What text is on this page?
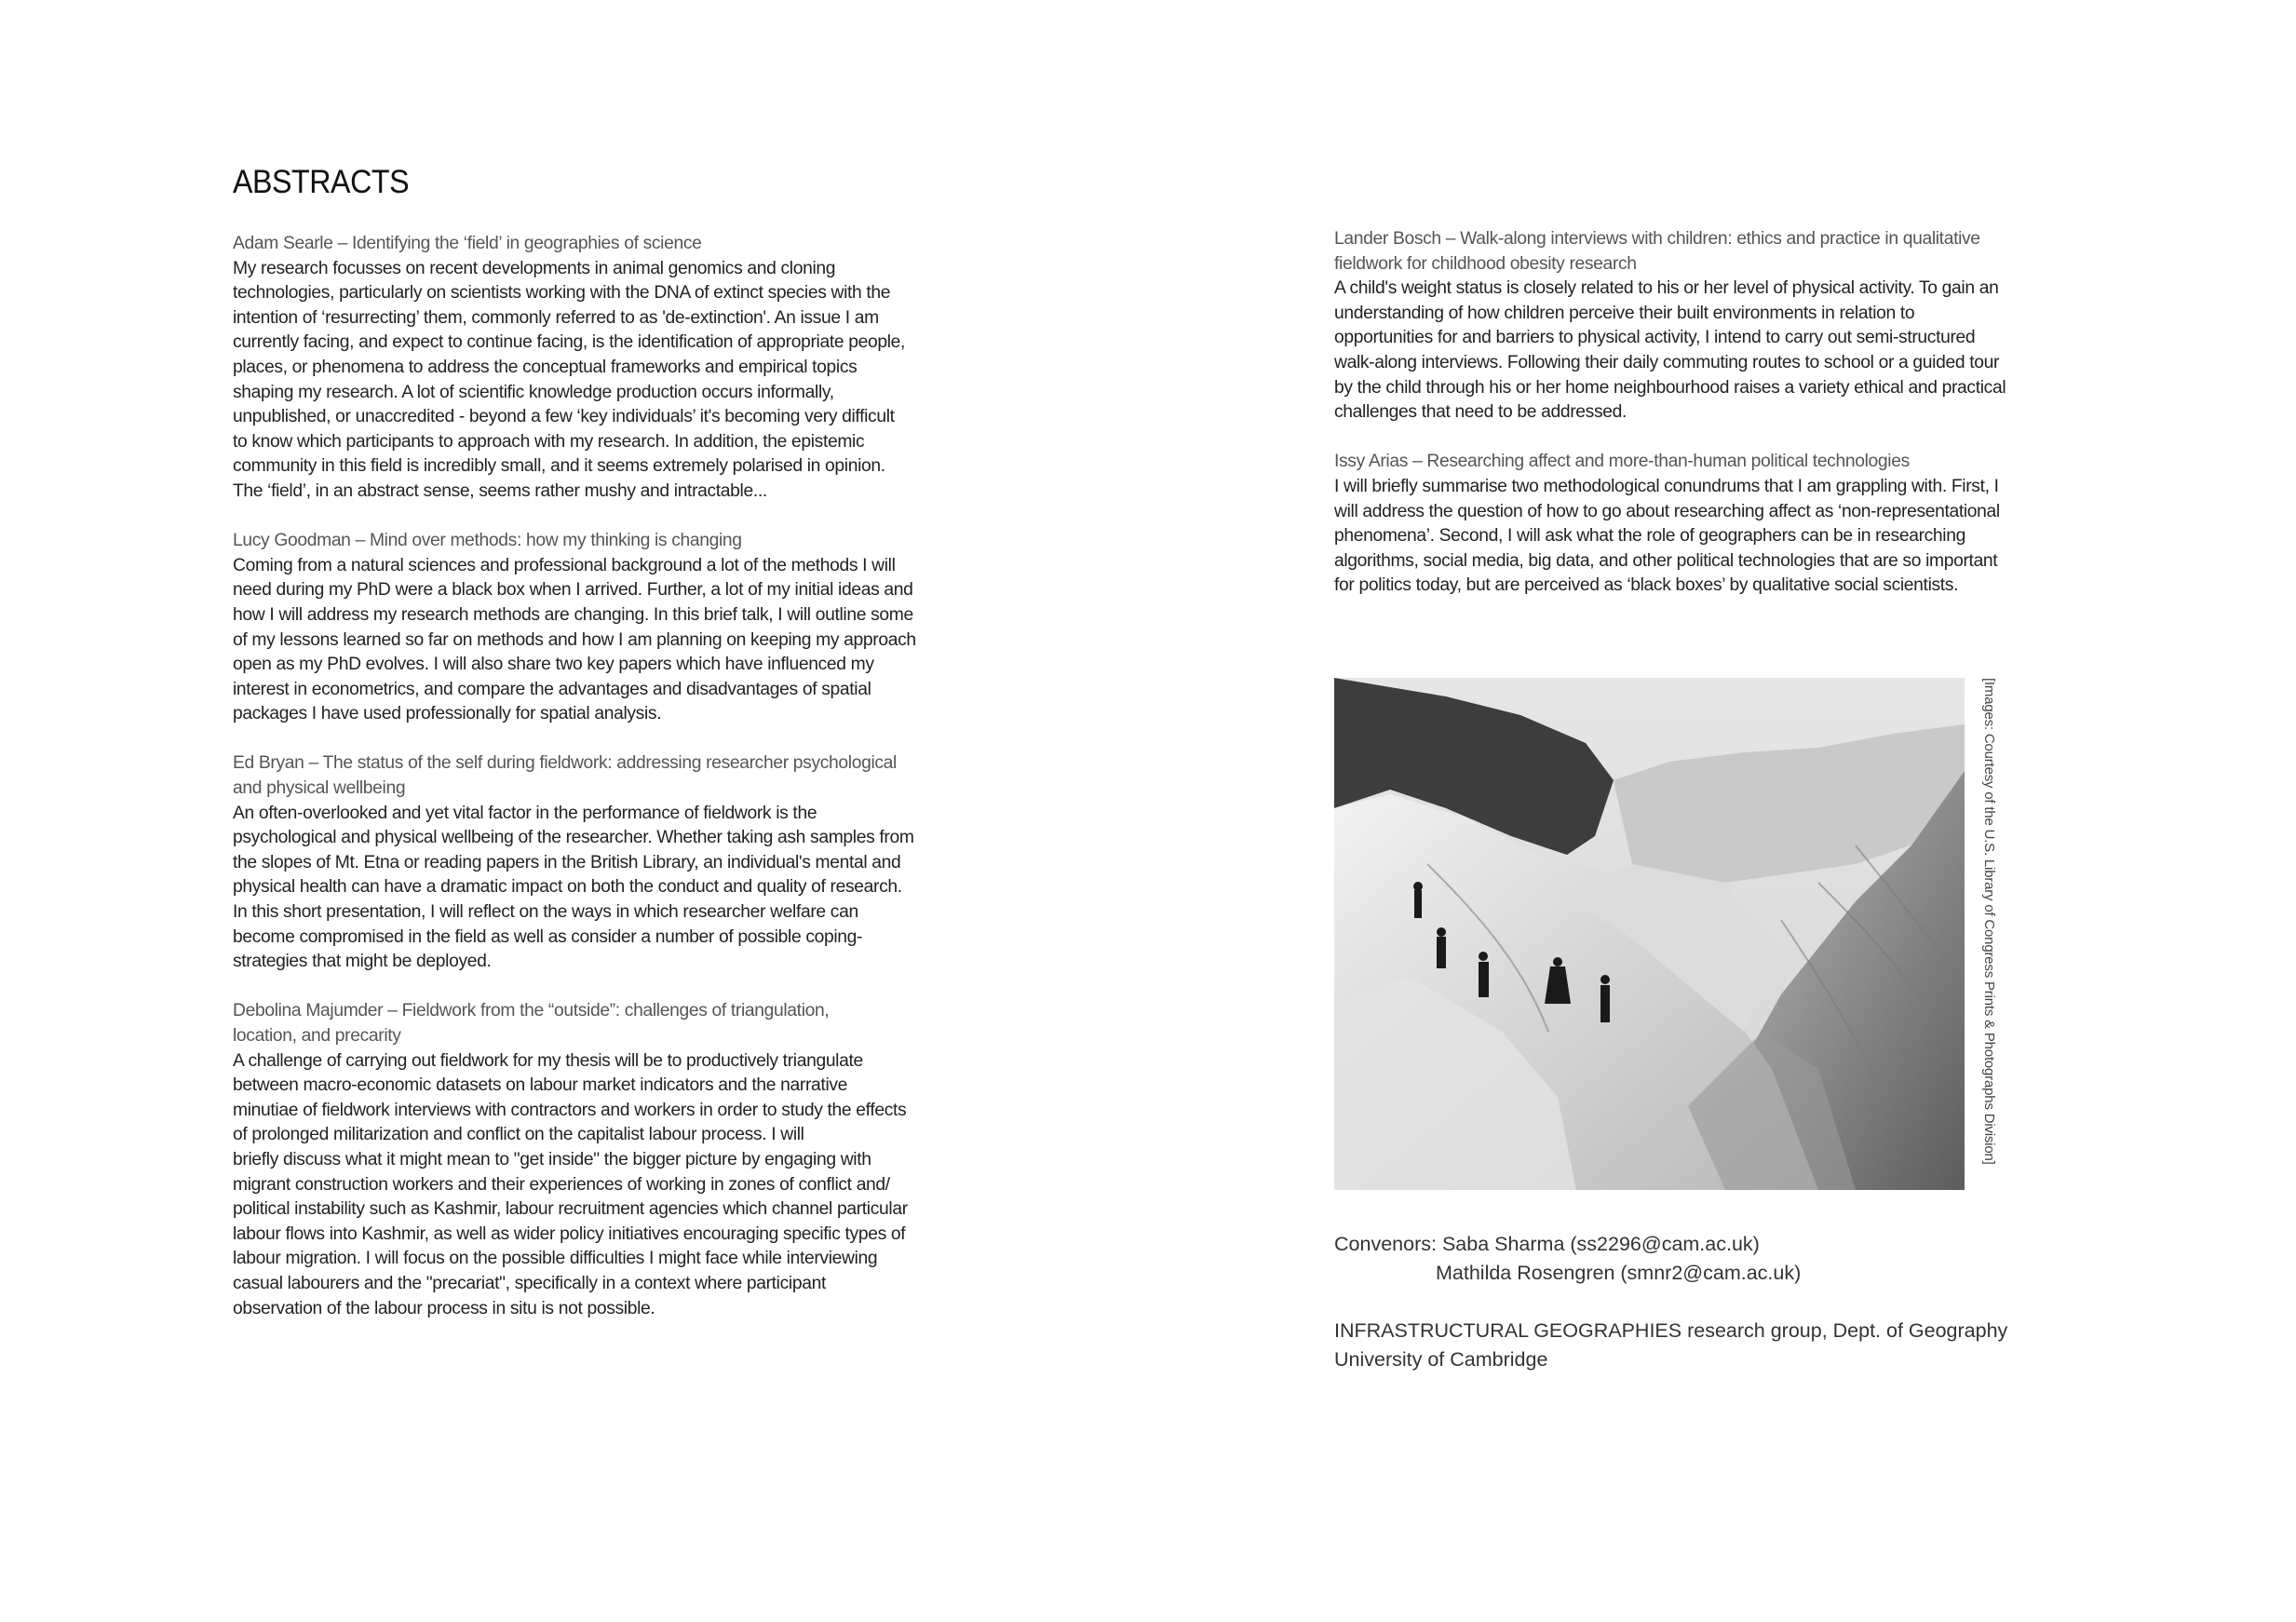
ABSTRACTS
Adam Searle – Identifying the ‘field’ in geographies of science
My research focusses on recent developments in animal genomics and cloning
technologies, particularly on scientists working with the DNA of extinct species with the
intention of ‘resurrecting’ them, commonly referred to as 'de-extinction'. An issue I am
currently facing, and expect to continue facing, is the identification of appropriate people,
places, or phenomena to address the conceptual frameworks and empirical topics
shaping my research. A lot of scientific knowledge production occurs informally,
unpublished, or unaccredited - beyond a few ‘key individuals’ it's becoming very difficult
to know which participants to approach with my research. In addition, the epistemic
community in this field is incredibly small, and it seems extremely polarised in opinion.
The ‘field’, in an abstract sense, seems rather mushy and intractable...
Lucy Goodman – Mind over methods: how my thinking is changing
Coming from a natural sciences and professional background a lot of the methods I will
need during my PhD were a black box when I arrived. Further, a lot of my initial ideas and
how I will address my research methods are changing. In this brief talk, I will outline some
of my lessons learned so far on methods and how I am planning on keeping my approach
open as my PhD evolves. I will also share two key papers which have influenced my
interest in econometrics, and compare the advantages and disadvantages of spatial
packages I have used professionally for spatial analysis.
Ed Bryan – The status of the self during fieldwork: addressing researcher psychological
and physical wellbeing
An often-overlooked and yet vital factor in the performance of fieldwork is the
psychological and physical wellbeing of the researcher. Whether taking ash samples from
the slopes of Mt. Etna or reading papers in the British Library, an individual's mental and
physical health can have a dramatic impact on both the conduct and quality of research.
In this short presentation, I will reflect on the ways in which researcher welfare can
become compromised in the field as well as consider a number of possible coping-
strategies that might be deployed.
Debolina Majumder – Fieldwork from the “outside”: challenges of triangulation,
location, and precarity
A challenge of carrying out fieldwork for my thesis will be to productively triangulate
between macro-economic datasets on labour market indicators and the narrative
minutiae of fieldwork interviews with contractors and workers in order to study the effects
of prolonged militarization and conflict on the capitalist labour process. I will
briefly discuss what it might mean to "get inside" the bigger picture by engaging with
migrant construction workers and their experiences of working in zones of conflict and/
political instability such as Kashmir, labour recruitment agencies which channel particular
labour flows into Kashmir, as well as wider policy initiatives encouraging specific types of
labour migration. I will focus on the possible difficulties I might face while interviewing
casual labourers and the "precariat", specifically in a context where participant
observation of the labour process in situ is not possible.
Lander Bosch – Walk-along interviews with children: ethics and practice in qualitative
fieldwork for childhood obesity research
A child's weight status is closely related to his or her level of physical activity. To gain an
understanding of how children perceive their built environments in relation to
opportunities for and barriers to physical activity, I intend to carry out semi-structured
walk-along interviews. Following their daily commuting routes to school or a guided tour
by the child through his or her home neighbourhood raises a variety ethical and practical
challenges that need to be addressed.
Issy Arias – Researching affect and more-than-human political technologies
I will briefly summarise two methodological conundrums that I am grappling with. First, I
will address the question of how to go about researching affect as ‘non-representational
phenomena’. Second, I will ask what the role of geographers can be in researching
algorithms, social media, big data, and other political technologies that are so important
for politics today, but are perceived as ‘black boxes’ by qualitative social scientists.
[Images: Courtesy of the U.S. Library of Congress Prints & Photographs Division]
Convenors: Saba Sharma (ss2296@cam.ac.uk)
Mathilda Rosengren (smnr2@cam.ac.uk)
INFRASTRUCTURAL GEOGRAPHIES research group, Dept. of Geography
University of Cambridge
